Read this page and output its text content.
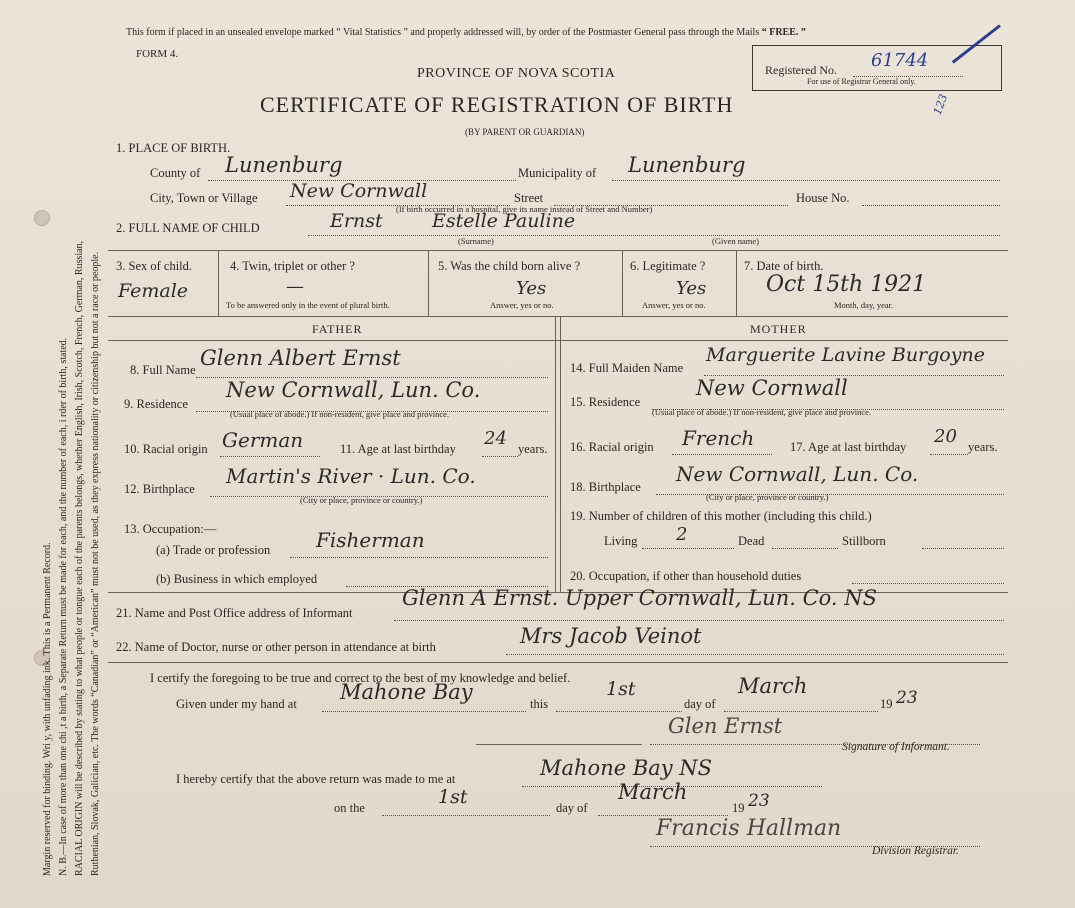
Margin reserved for binding. Wri y, with unfading ink. This is a Permanent Record. N. B.—In case of more than one chi ,t a birth, a Separate Return must be made for each, and the number of each, i rder of birth, stated. RACIAL ORIGIN will be described by stating to what people or tongue each of the parents belongs, whether English, Irish, Scotch, French, German, Russian, Ruthenian, Slovak, Galician, etc. The words “Canadian” or “American” must not be used, as they express nationality or citizenship but not a race or people.
This form if placed in an unsealed envelope marked “ Vital Statistics ” and properly addressed will, by order of the Postmaster General pass through the Mails “ FREE. ”
FORM 4.
PROVINCE OF NOVA SCOTIA
CERTIFICATE OF REGISTRATION OF BIRTH
(BY PARENT OR GUARDIAN)
Registered No. 61744
For use of Registrar General only.
123
1. PLACE OF BIRTH.
County of Lunenburg	Municipality of Lunenburg
City, Town or Village New Cornwall	Street	House No.
(If birth occurred in a hospital, give its name instead of Street and Number)
2. FULL NAME OF CHILD	Ernst	Estelle Pauline
(Surname)	(Given name)
3. Sex of child.
Female
4. Twin, triplet or other ?
—
To be answered only in the event of plural birth.
5. Was the child born alive ?
Yes
Answer, yes or no.
6. Legitimate ?
Yes
Answer, yes or no.
7. Date of birth.
Oct 15th 1921
Month, day, year.
FATHER	MOTHER
8. Full Name Glenn Albert Ernst
9. Residence
New Cornwall, Lun. Co.
(Usual place of abode.) If non-resident, give place and province.
10. Racial origin German	11. Age at last birthday 24 years.
12. Birthplace
Martin's River · Lun. Co.
(City or place, province or country.)
13. Occupation:—
(a) Trade or profession Fisherman
(b) Business in which employed
14. Full Maiden Name
Marguerite Lavine Burgoyne
15. Residence
New Cornwall
(Usual place of abode.) If non-resident, give place and province.
16. Racial origin French	17. Age at last birthday 20 years.
18. Birthplace
New Cornwall, Lun. Co.
(City or place, province or country.)
19. Number of children of this mother (including this child.)
Living 2	Dead	Stillborn
20. Occupation, if other than household duties
21. Name and Post Office address of Informant
Glenn A Ernst. Upper Cornwall, Lun. Co. NS
22. Name of Doctor, nurse or other person in attendance at birth	Mrs Jacob Veinot
I certify the foregoing to be true and correct to the best of my knowledge and belief.
Given under my hand at Mahone Bay	this
1st
day of
March
19 23
Glen Ernst
Signature of Informant.
I hereby certify that the above return was made to me at	Mahone Bay NS
on the	1st	day of
March
19 23
Francis Hallman
Division Registrar.
